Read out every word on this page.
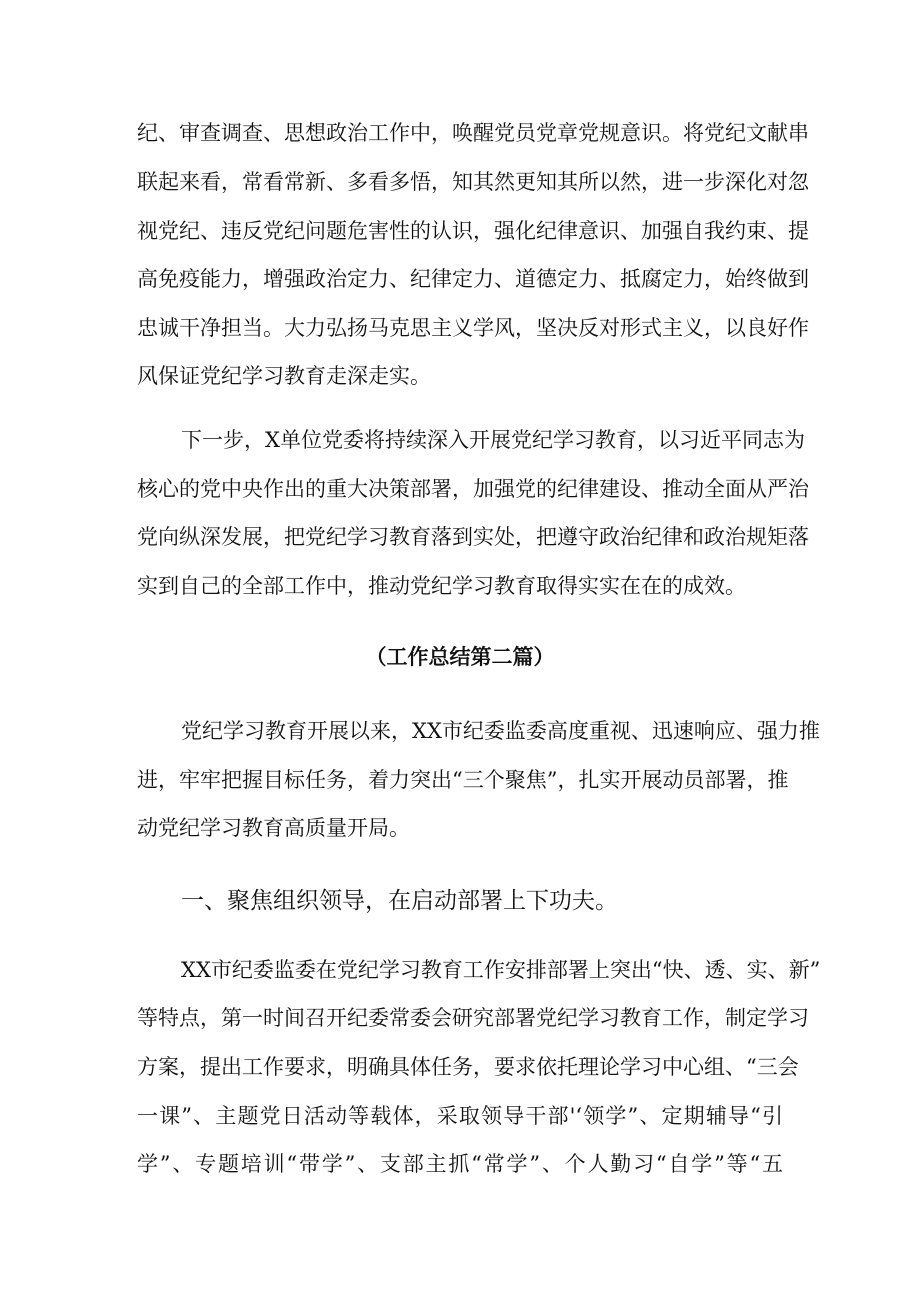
纪、审查调查、思想政治工作中，唤醒党员党章党规意识。将党纪文献串
联起来看，常看常新、多看多悟，知其然更知其所以然，进一步深化对忽
视党纪、违反党纪问题危害性的认识，强化纪律意识、加强自我约束、提
高免疫能力，增强政治定力、纪律定力、道德定力、抵腐定力，始终做到
忠诚干净担当。大力弘扬马克思主义学风，坚决反对形式主义，以良好作
风保证党纪学习教育走深走实。
下一步，X单位党委将持续深入开展党纪学习教育，以习近平同志为
核心的党中央作出的重大决策部署，加强党的纪律建设、推动全面从严治
党向纵深发展，把党纪学习教育落到实处，把遵守政治纪律和政治规矩落
实到自己的全部工作中，推动党纪学习教育取得实实在在的成效。
（工作总结第二篇）
党纪学习教育开展以来，XX市纪委监委高度重视、迅速响应、强力推
进，牢牢把握目标任务，着力突出“三个聚焦”，扎实开展动员部署，推
动党纪学习教育高质量开局。
一、聚焦组织领导，在启动部署上下功夫。
XX市纪委监委在党纪学习教育工作安排部署上突出“快、透、实、新”
等特点，第一时间召开纪委常委会研究部署党纪学习教育工作，制定学习
方案，提出工作要求，明确具体任务，要求依托理论学习中心组、“三会
一课”、主题党日活动等载体，采取领导干部'‘领学”、定期辅导“引
学”、专题培训“带学”、支部主抓“常学”、个人勤习“自学”等“五
